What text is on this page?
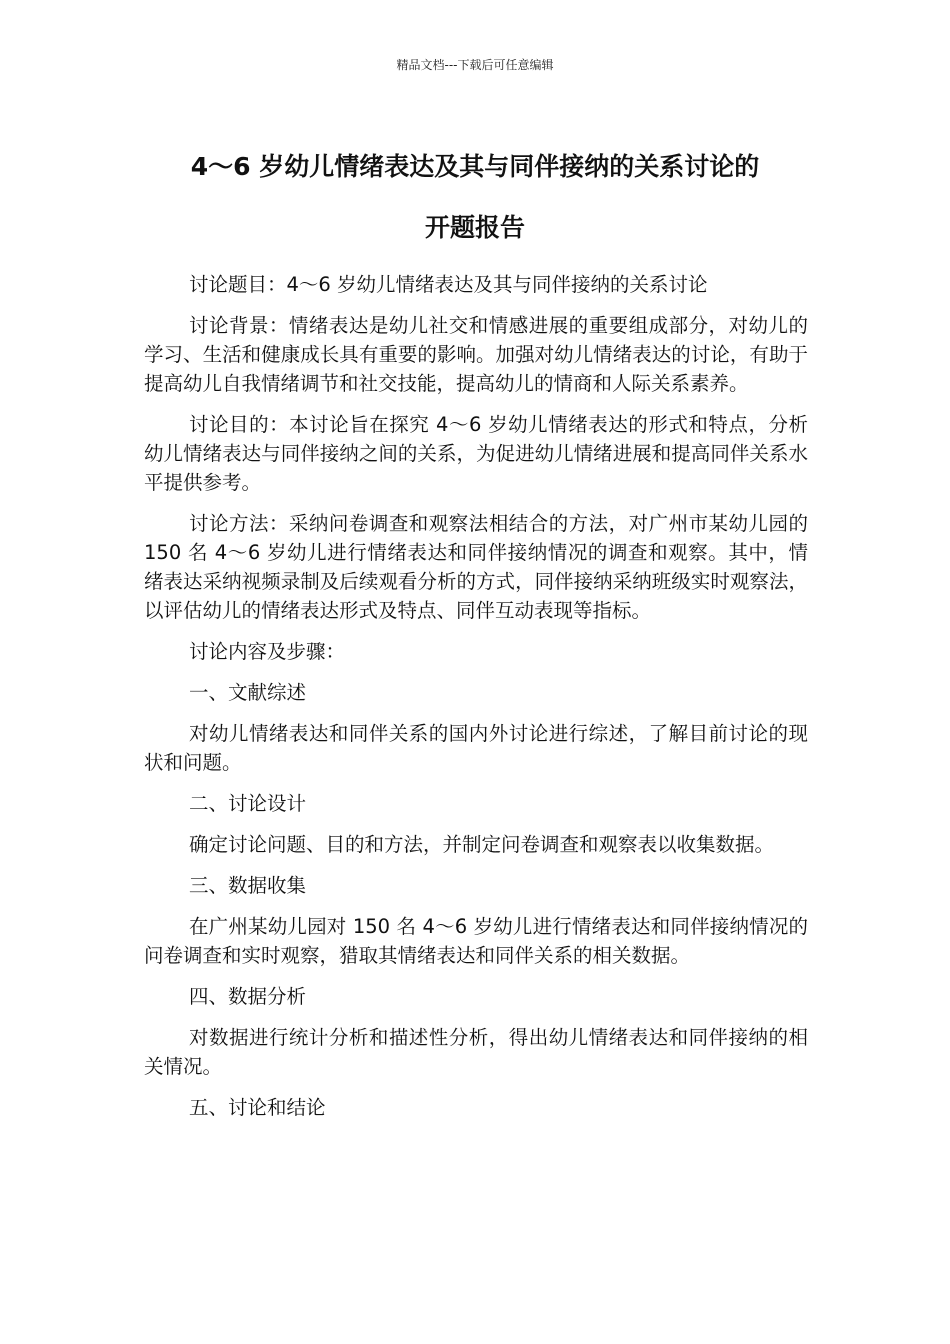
精品文档---下载后可任意编辑
4～6 岁幼儿情绪表达及其与同伴接纳的关系讨论的
开题报告

讨论题目：4～6 岁幼儿情绪表达及其与同伴接纳的关系讨论

讨论背景：情绪表达是幼儿社交和情感进展的重要组成部分，对幼儿的学习、生活和健康成长具有重要的影响。加强对幼儿情绪表达的讨论，有助于提高幼儿自我情绪调节和社交技能，提高幼儿的情商和人际关系素养。

讨论目的：本讨论旨在探究 4～6 岁幼儿情绪表达的形式和特点，分析幼儿情绪表达与同伴接纳之间的关系，为促进幼儿情绪进展和提高同伴关系水平提供参考。

讨论方法：采纳问卷调查和观察法相结合的方法，对广州市某幼儿园的 150 名 4～6 岁幼儿进行情绪表达和同伴接纳情况的调查和观察。其中，情绪表达采纳视频录制及后续观看分析的方式，同伴接纳采纳班级实时观察法，以评估幼儿的情绪表达形式及特点、同伴互动表现等指标。

讨论内容及步骤：

一、文献综述

对幼儿情绪表达和同伴关系的国内外讨论进行综述，了解目前讨论的现状和问题。

二、讨论设计

确定讨论问题、目的和方法，并制定问卷调查和观察表以收集数据。

三、数据收集

在广州某幼儿园对 150 名 4～6 岁幼儿进行情绪表达和同伴接纳情况的问卷调查和实时观察，猎取其情绪表达和同伴关系的相关数据。

四、数据分析

对数据进行统计分析和描述性分析，得出幼儿情绪表达和同伴接纳的相关情况。

五、讨论和结论
